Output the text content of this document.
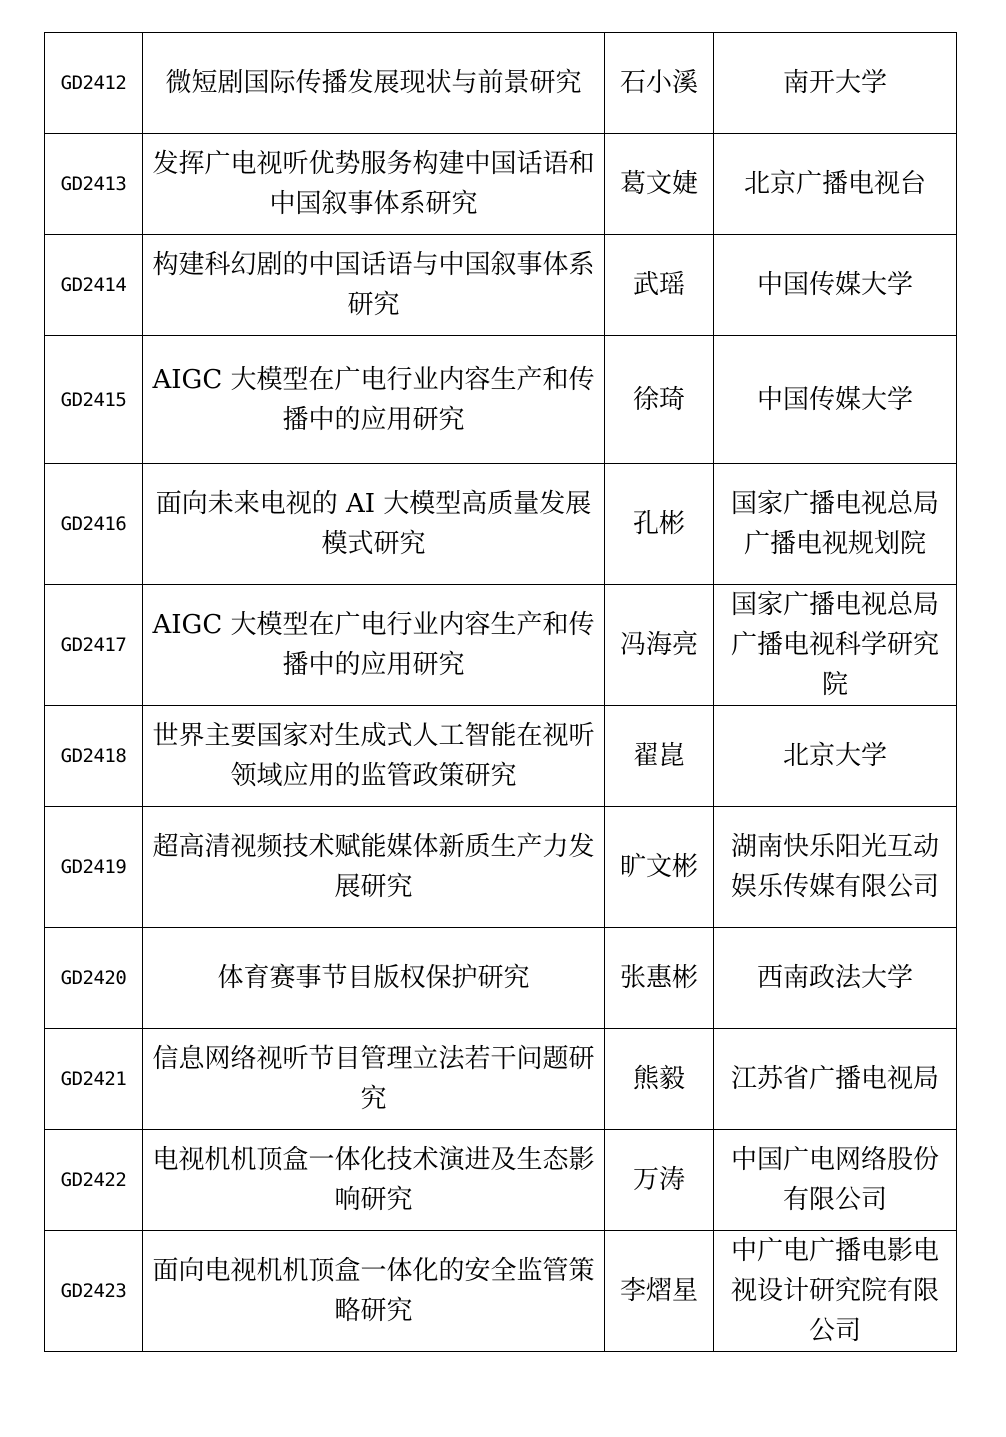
GD2412	微短剧国际传播发展现状与前景研究	石小溪	南开大学
GD2413	发挥广电视听优势服务构建中国话语和中国叙事体系研究	葛文婕	北京广播电视台
GD2414	构建科幻剧的中国话语与中国叙事体系研究	武瑶	中国传媒大学
GD2415	AIGC 大模型在广电行业内容生产和传播中的应用研究	徐琦	中国传媒大学
GD2416	面向未来电视的 AI 大模型高质量发展模式研究	孔彬	国家广播电视总局广播电视规划院
GD2417	AIGC 大模型在广电行业内容生产和传播中的应用研究	冯海亮	国家广播电视总局广播电视科学研究院
GD2418	世界主要国家对生成式人工智能在视听领域应用的监管政策研究	翟崑	北京大学
GD2419	超高清视频技术赋能媒体新质生产力发展研究	旷文彬	湖南快乐阳光互动娱乐传媒有限公司
GD2420	体育赛事节目版权保护研究	张惠彬	西南政法大学
GD2421	信息网络视听节目管理立法若干问题研究	熊毅	江苏省广播电视局
GD2422	电视机机顶盒一体化技术演进及生态影响研究	万涛	中国广电网络股份有限公司
GD2423	面向电视机机顶盒一体化的安全监管策略研究	李熠星	中广电广播电影电视设计研究院有限公司
